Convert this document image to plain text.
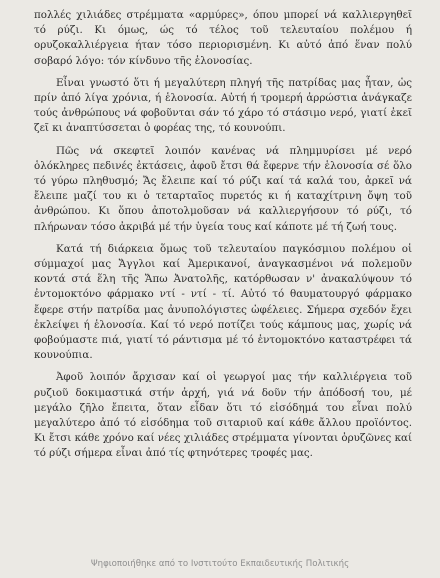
πολλές χιλιάδες στρέμματα «αρμύρες», όπου μπορεί νά καλλιεργηθεῖ τό ρύζι. Κι όμως, ώς τό τέλος τοῦ τελευταίου πολέμου ή ορυζοκαλλιέργεια ήταν τόσο περιορισμένη. Κι αὐτό ἀπό ἕναν πολύ σοβαρό λόγο: τόν κίνδυνο τῆς ἑλονοσίας.

Εἶναι γνωστό ὅτι ή μεγαλύτερη πληγή τῆς πατρίδας μας ἦταν, ὡς πρίν ἀπό λίγα χρόνια, ή ἑλονοσία. Αὐτή ή τρομερή ἀρρώστια ἀνάγκαζε τούς ἀνθρώπους νά φοβοῦνται σάν τό χάρο τό στάσιμο νερό, γιατί ἐκεῖ ζεῖ κι ἀναπτύσσεται ὁ φορέας της, τό κουνούπι.

Πῶς νά σκεφτεῖ λοιπόν κανένας νά πλημμυρίσει μέ νερό ὁλόκληρες πεδινές ἐκτάσεις, ἀφοῦ ἔτσι θά ἔφερνε τήν ἑλονοσία σέ ὅλο τό γύρω πληθυσμό; Ἄς ἔλειπε καί τό ρύζι καί τά καλά του, ἀρκεῖ νά ἔλειπε μαζί του κι ὁ τεταρταῖος πυρετός κι ή καταχίτρινη ὄψη τοῦ ἀνθρώπου. Κι ὅπου ἀποτολμοῦσαν νά καλλιεργήσουν τό ρύζι, τό πλήρωναν τόσο ἀκριβά μέ τήν ὑγεία τους καί κάποτε μέ τή ζωή τους.

Κατά τή διάρκεια ὅμως τοῦ τελευταίου παγκόσμιου πολέμου οἱ σύμμαχοί μας Ἄγγλοι καί Ἀμερικανοί, ἀναγκασμένοι νά πολεμοῦν κοντά στά ἕλη τῆς Ἄπω Ἀνατολῆς, κατόρθωσαν ν' ἀνακαλύψουν τό ἐντομοκτόνο φάρμακο ντί - ντί - τί. Αὐτό τό θαυματουργό φάρμακο ἔφερε στήν πατρίδα μας ἀνυπολόγιστες ὠφέλειες. Σήμερα σχεδόν ἔχει ἐκλείψει ή ἑλονοσία. Καί τό νερό ποτίζει τούς κάμπους μας, χωρίς νά φοβούμαστε πιά, γιατί τό ράντισμα μέ τό ἐντομοκτόνο καταστρέφει τά κουνούπια.

Ἀφοῦ λοιπόν ἄρχισαν καί οἱ γεωργοί μας τήν καλλιέργεια τοῦ ρυζιοῦ δοκιμαστικά στήν ἀρχή, γιά νά δοῦν τήν ἀπόδοσή του, μέ μεγάλο ζῆλο ἔπειτα, ὅταν εἶδαν ὅτι τό εἰσόδημά του εἶναι πολύ μεγαλύτερο ἀπό τό εἰσόδημα τοῦ σιταριοῦ καί κάθε ἄλλου προϊόντος. Κι ἔτσι κάθε χρόνο καί νέες χιλιάδες στρέμματα γίνονται ὀρυζῶνες καί τό ρύζι σήμερα εἶναι ἀπό τίς φτηνότερες τροφές μας.

Ψηφιοποιήθηκε από το Ινστιτούτο Εκπαιδευτικής Πολιτικής
